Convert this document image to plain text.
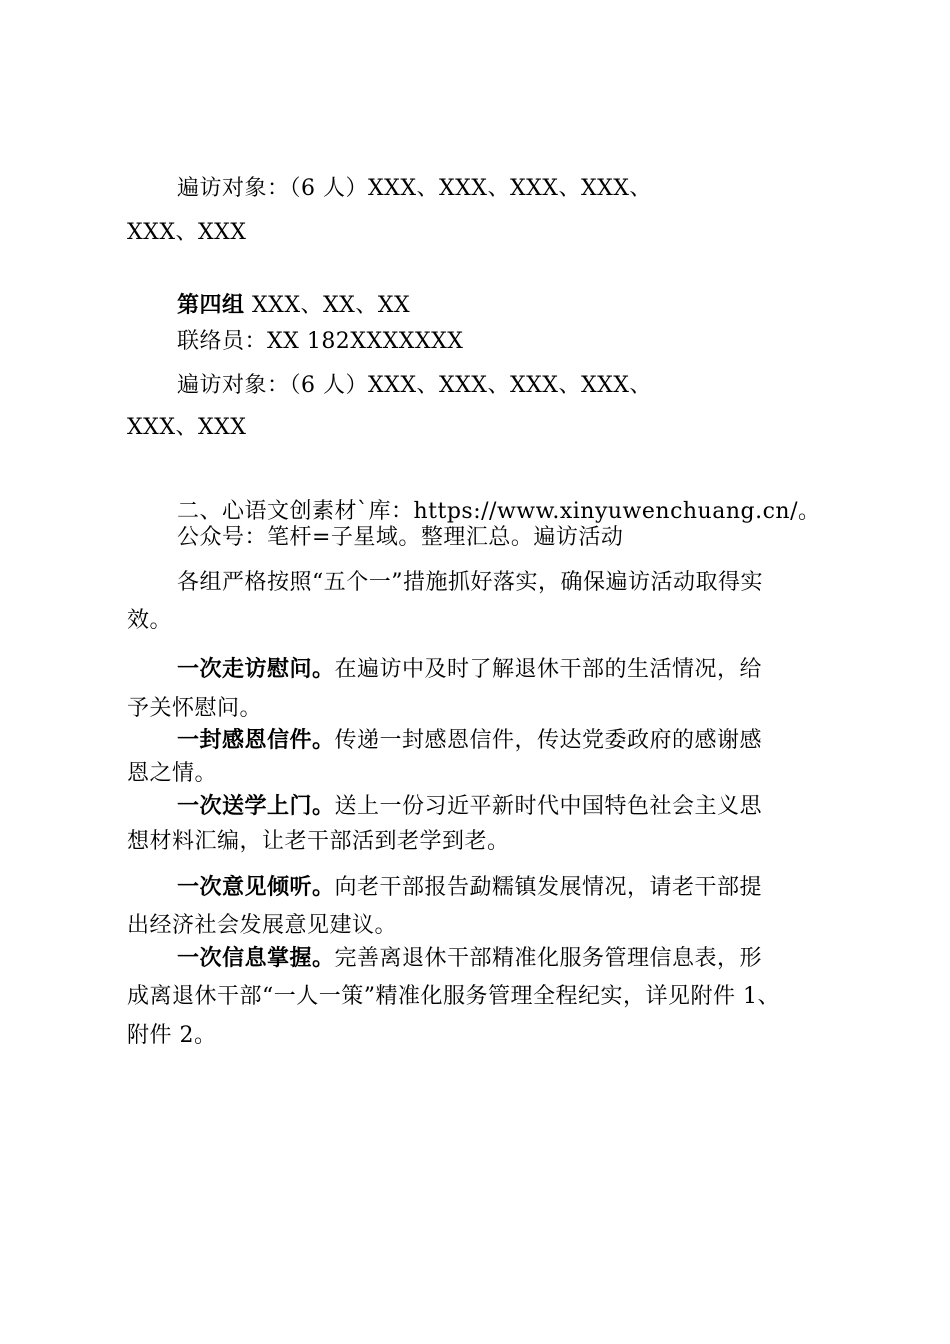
遍访对象：（6 人）XXX、XXX、XXX、XXX、
XXX、XXX
第四组 XXX、XX、XX
联络员：XX 182XXXXXXX
遍访对象：（6 人）XXX、XXX、XXX、XXX、
XXX、XXX
二、心语文创素材`库：https://www.xinyuwenchuang.cn/。
公众号：笔杆=子星域。整理汇总。遍访活动
各组严格按照“五个一”措施抓好落实，确保遍访活动取得实
效。
一次走访慰问。在遍访中及时了解退休干部的生活情况，给
予关怀慰问。
一封感恩信件。传递一封感恩信件，传达党委政府的感谢感
恩之情。
一次送学上门。送上一份习近平新时代中国特色社会主义思
想材料汇编，让老干部活到老学到老。
一次意见倾听。向老干部报告勐糯镇发展情况，请老干部提
出经济社会发展意见建议。
一次信息掌握。完善离退休干部精准化服务管理信息表，形
成离退休干部“一人一策”精准化服务管理全程纪实，详见附件 1、
附件 2。
